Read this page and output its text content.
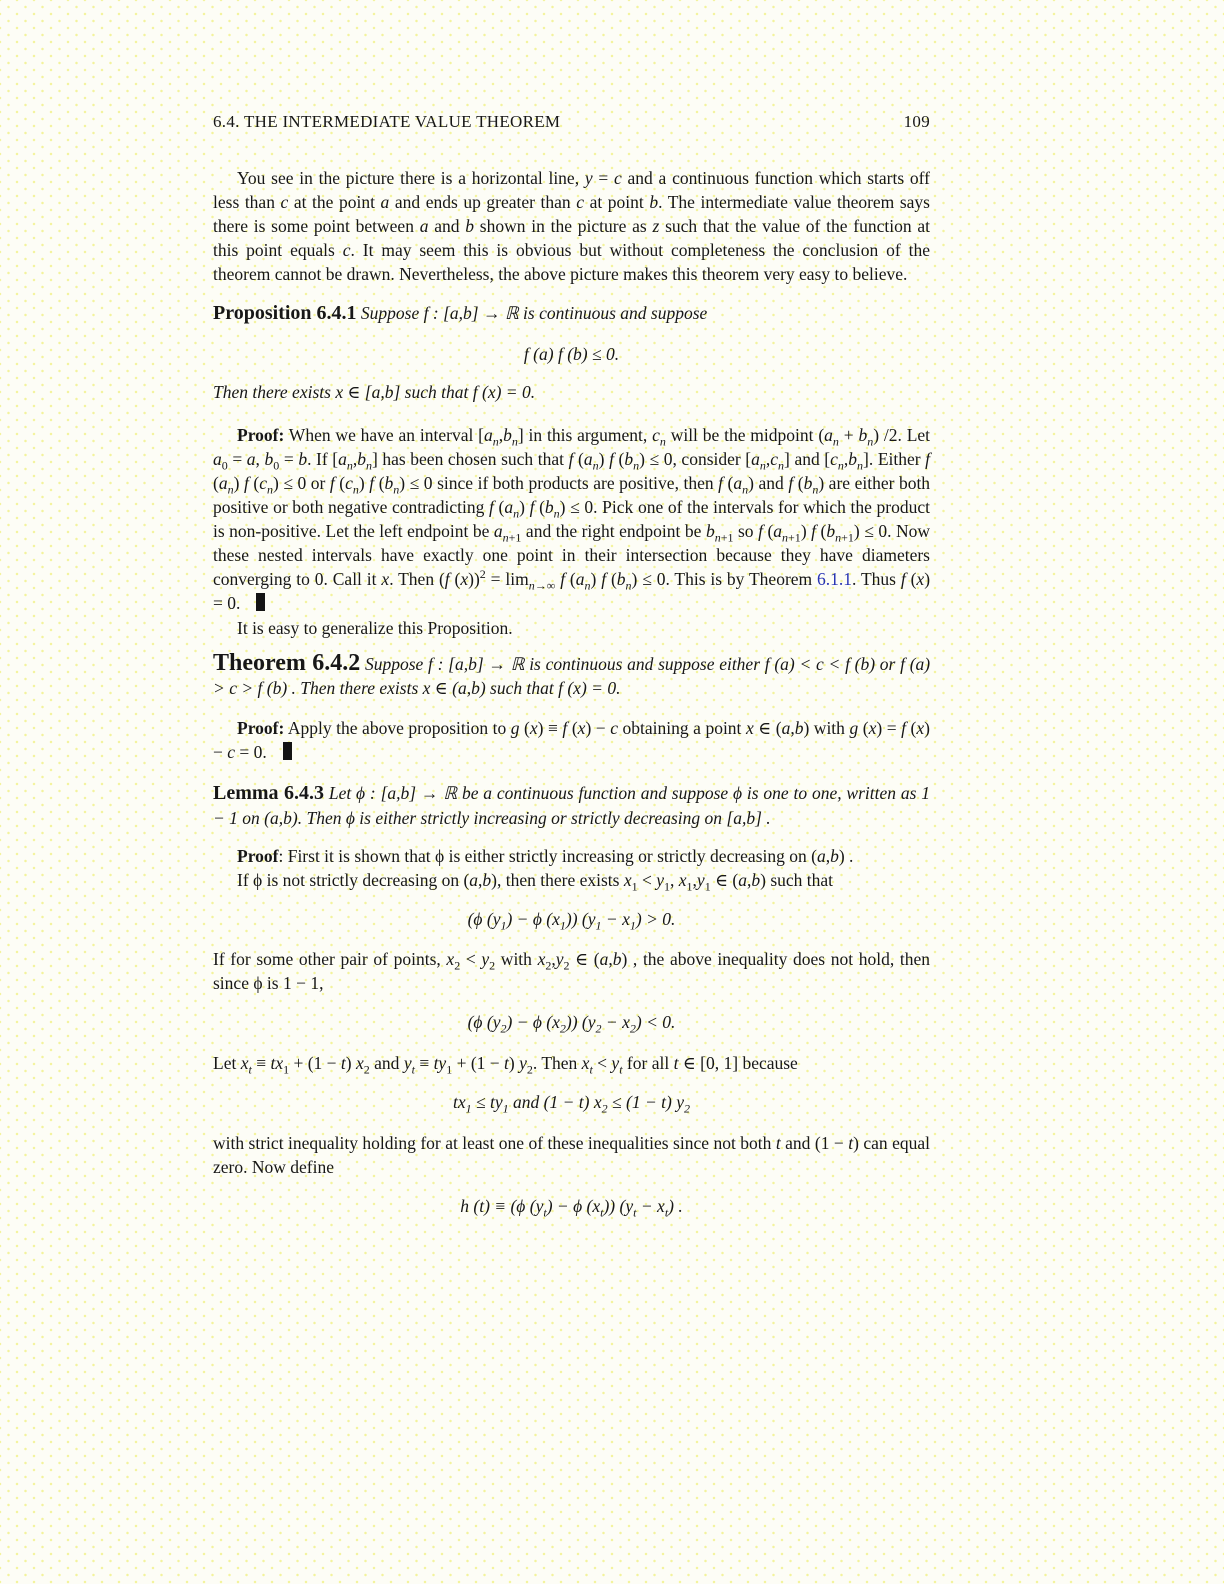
6.4. THE INTERMEDIATE VALUE THEOREM	109

You see in the picture there is a horizontal line, y = c and a continuous function which starts off less than c at the point a and ends up greater than c at point b. The intermediate value theorem says there is some point between a and b shown in the picture as z such that the value of the function at this point equals c. It may seem this is obvious but without completeness the conclusion of the theorem cannot be drawn. Nevertheless, the above picture makes this theorem very easy to believe.

Proposition 6.4.1 Suppose f : [a,b] → ℝ is continuous and suppose

f (a) f (b) ≤ 0.

Then there exists x ∈ [a,b] such that f (x) = 0.

Proof: When we have an interval $[a_n,b_n]$ in this argument, $c_n$ will be the midpoint $(a_n + b_n)$ /2. Let $a_0 = a$, $b_0 = b$. If $[a_n,b_n]$ has been chosen such that f $(a_n)$ f $(b_n) \le 0$, consider $[a_n,c_n]$ and $[c_n,b_n]$. Either f $(a_n)$ f $(c_n) \le 0$ or f $(c_n)$ f $(b_n) \le 0$ since if both products are positive, then f $(a_n)$ and f $(b_n)$ are either both positive or both negative contradicting f $(a_n)$ f $(b_n) \le 0$. Pick one of the intervals for which the product is non-positive. Let the left endpoint be $a_{n+1}$ and the right endpoint be $b_{n+1}$ so f $(a_{n+1})$ f $(b_{n+1}) \le 0$. Now these nested intervals have exactly one point in their intersection because they have diameters converging to 0. Call it x. Then (f $(x))^2 = \lim_{n\to\infty} f$ $(a_n)$ f $(b_n) \le 0$. This is by Theorem 6.1.1. Thus f (x) = 0.

It is easy to generalize this Proposition.

Theorem 6.4.2 Suppose f : [a,b] → ℝ is continuous and suppose either f (a) < c < f (b) or f (a) > c > f (b) . Then there exists x ∈ (a,b) such that f (x) = 0.

Proof: Apply the above proposition to g (x) ≡ f (x) − c obtaining a point x ∈ (a,b) with g (x) = f (x) − c = 0.

Lemma 6.4.3 Let ϕ : [a,b] → ℝ be a continuous function and suppose ϕ is one to one, written as 1 − 1 on (a,b). Then ϕ is either strictly increasing or strictly decreasing on [a,b] .

Proof: First it is shown that ϕ is either strictly increasing or strictly decreasing on (a,b) .

If ϕ is not strictly decreasing on (a,b), then there exists $x_1 < y_1$, $x_1,y_1$ ∈ (a,b) such that

(ϕ $(y_1) - \phi$ $(x_1)$) $(y_1 - x_1) > 0$.

If for some other pair of points, $x_2 < y_2$ with $x_2,y_2$ ∈ (a,b) , the above inequality does not hold, then since ϕ is 1 − 1,

(ϕ $(y_2) - \phi$ $(x_2)$) $(y_2 - x_2) < 0$.

Let $x_t \equiv tx_1 + (1 - t)$ $x_2$ and $y_t \equiv ty_1 + (1 - t)$ $y_2$. Then $x_t < y_t$ for all t ∈ [0, 1] because

$tx_1 \le ty_1$ and (1 − t) $x_2 \le (1 - t)$ $y_2$

with strict inequality holding for at least one of these inequalities since not both t and (1 − t) can equal zero. Now define

h (t) ≡ (ϕ $(y_t) - \phi$ $(x_t)$) $(y_t - x_t)$ .
